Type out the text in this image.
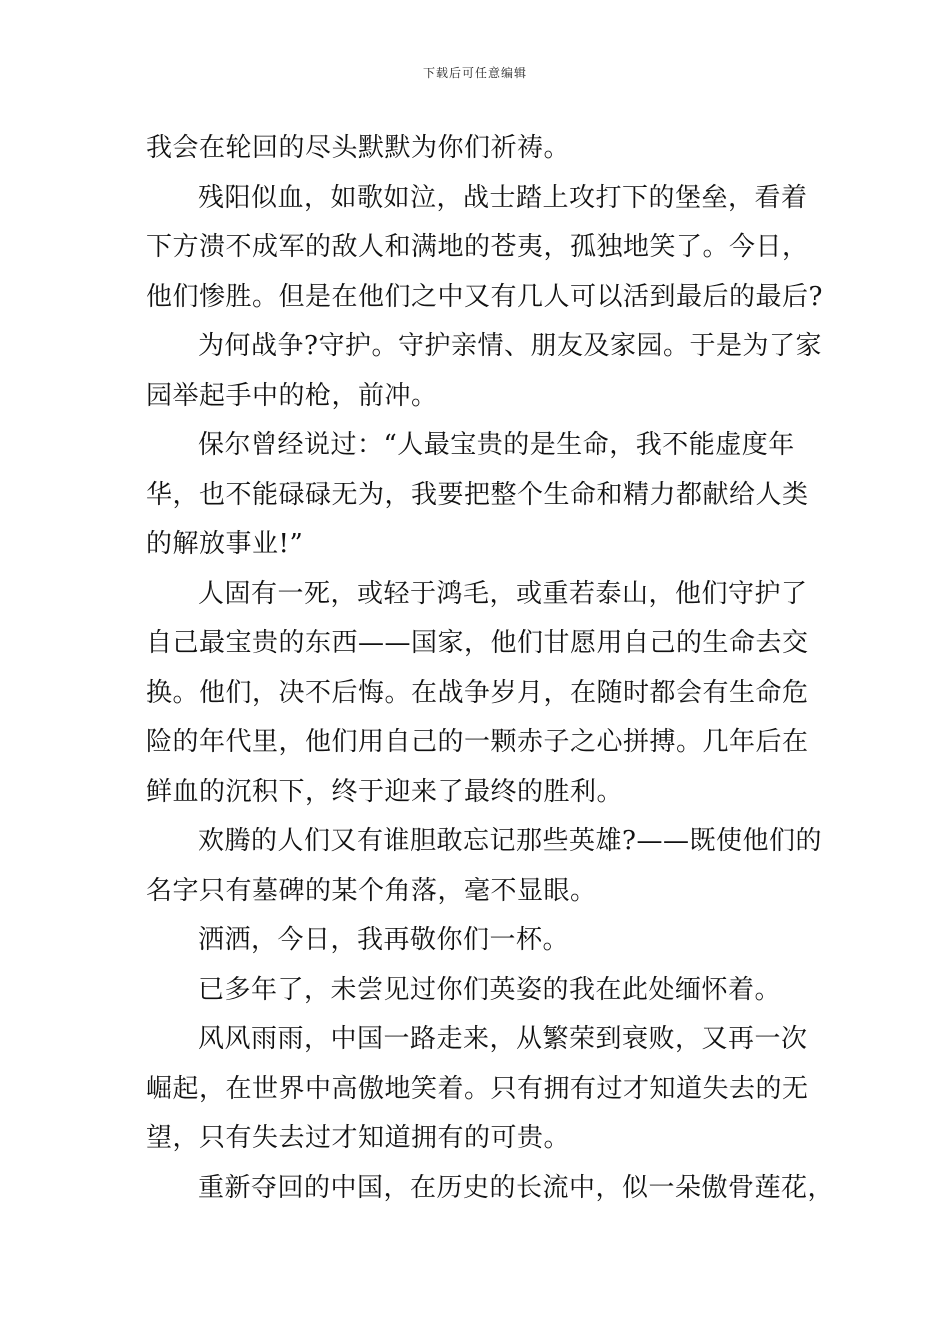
下载后可任意编辑

我会在轮回的尽头默默为你们祈祷。

残阳似血，如歌如泣，战士踏上攻打下的堡垒，看着
下方溃不成军的敌人和满地的苍夷，孤独地笑了。今日，
他们惨胜。但是在他们之中又有几人可以活到最后的最后?

为何战争?守护。守护亲情、朋友及家园。于是为了家
园举起手中的枪，前冲。

保尔曾经说过：“人最宝贵的是生命，我不能虚度年
华，也不能碌碌无为，我要把整个生命和精力都献给人类
的解放事业!”

人固有一死，或轻于鸿毛，或重若泰山，他们守护了
自己最宝贵的东西——国家，他们甘愿用自己的生命去交
换。他们，决不后悔。在战争岁月，在随时都会有生命危
险的年代里，他们用自己的一颗赤子之心拼搏。几年后在
鲜血的沉积下，终于迎来了最终的胜利。

欢腾的人们又有谁胆敢忘记那些英雄?——既使他们的
名字只有墓碑的某个角落，毫不显眼。

洒洒，今日，我再敬你们一杯。

已多年了，未尝见过你们英姿的我在此处缅怀着。

风风雨雨，中国一路走来，从繁荣到衰败，又再一次
崛起，在世界中高傲地笑着。只有拥有过才知道失去的无
望，只有失去过才知道拥有的可贵。

重新夺回的中国，在历史的长流中，似一朵傲骨莲花，
